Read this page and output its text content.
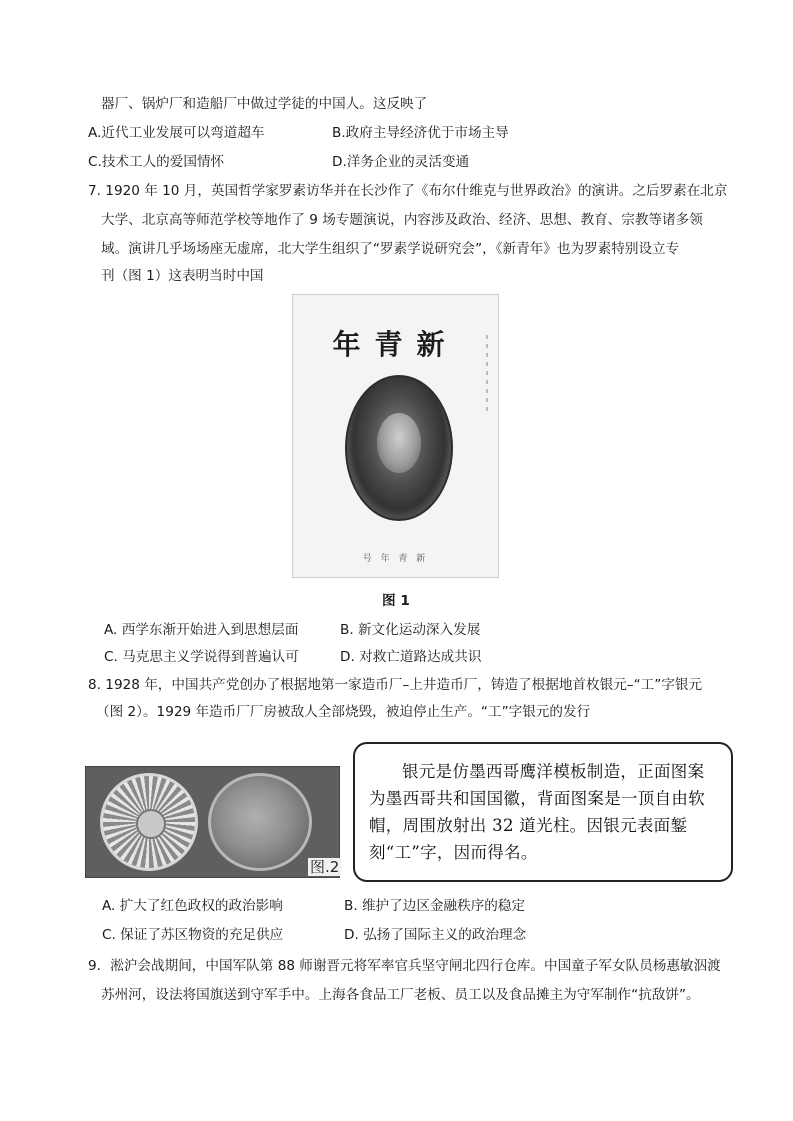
器厂、锅炉厂和造船厂中做过学徒的中国人。这反映了
A.近代工业发展可以弯道超车	B.政府主导经济优于市场主导
C.技术工人的爱国情怀	D.洋务企业的灵活变通
7. 1920 年 10 月，英国哲学家罗素访华并在长沙作了《布尔什维克与世界政治》的演讲。之后罗素在北京
大学、北京高等师范学校等地作了 9 场专题演说，内容涉及政治、经济、思想、教育、宗教等诸多领
域。演讲几乎场场座无虚席，北大学生组织了“罗素学说研究会”，《新青年》也为罗素特别设立专
刊（图 1）这表明当时中国
年青新
号 年 青 新
图 1
A. 西学东渐开始进入到思想层面	B. 新文化运动深入发展
C. 马克思主义学说得到普遍认可	D. 对救亡道路达成共识
8. 1928 年，中国共产党创办了根据地第一家造币厂–上井造币厂，铸造了根据地首枚银元–“工”字银元
（图 2）。1929 年造币厂厂房被敌人全部烧毁，被迫停止生产。“工”字银元的发行
图.2
银元是仿墨西哥鹰洋模板制造，正面图案为墨西哥共和国国徽，背面图案是一顶自由软帽，周围放射出 32 道光柱。因银元表面錾刻“工”字，因而得名。
A. 扩大了红色政权的政治影响	B. 维护了边区金融秩序的稳定
C. 保证了苏区物资的充足供应	D. 弘扬了国际主义的政治理念
9．淞沪会战期间，中国军队第 88 师谢晋元将军率官兵坚守闸北四行仓库。中国童子军女队员杨惠敏泅渡
苏州河，设法将国旗送到守军手中。上海各食品工厂老板、员工以及食品摊主为守军制作“抗敌饼”。
